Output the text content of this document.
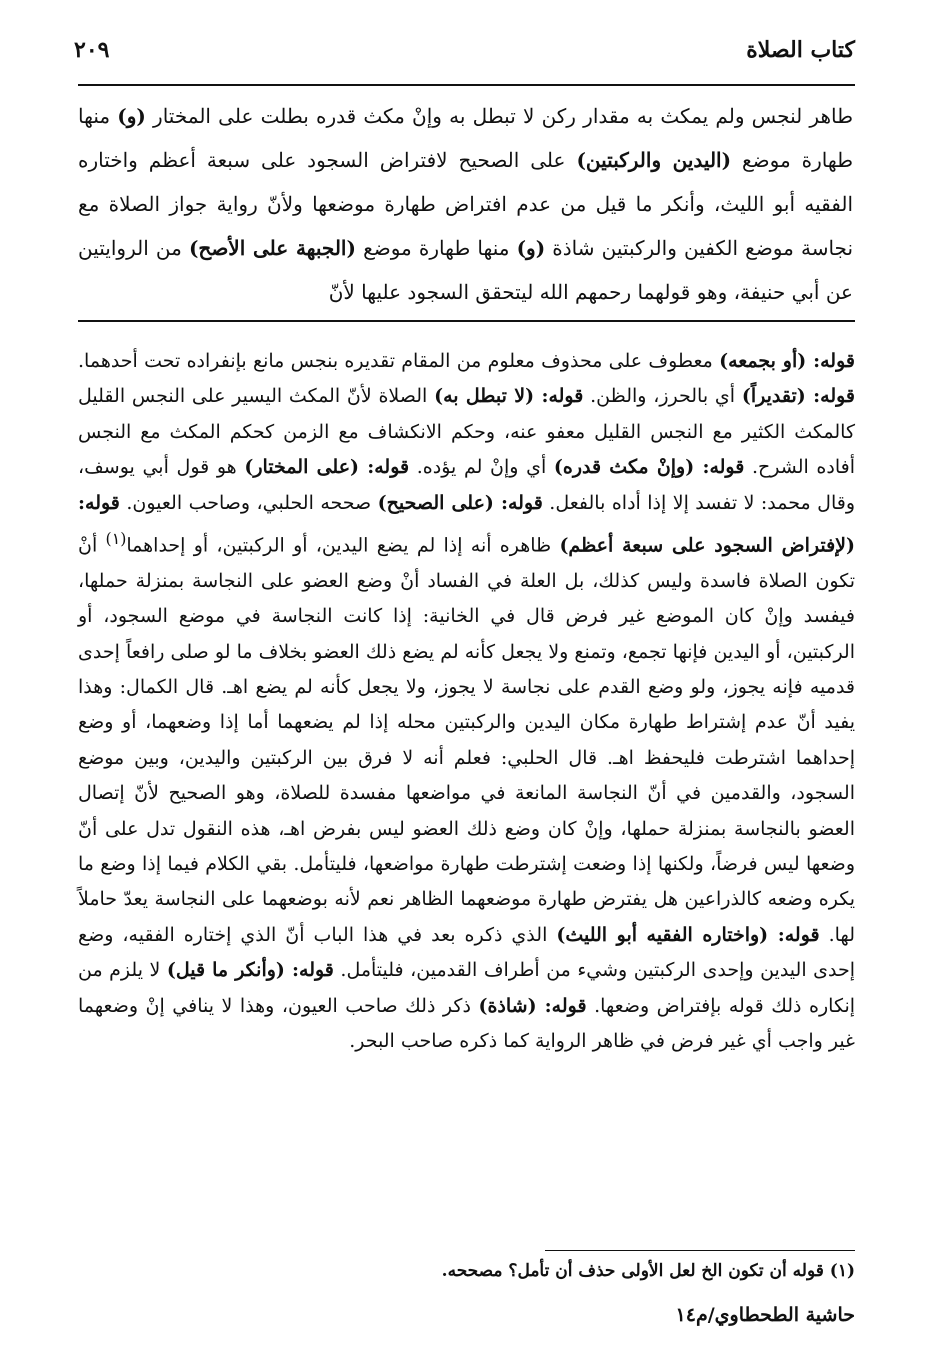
كتاب الصلاة
٢٠٩
طاهر لنجس ولم يمكث به مقدار ركن لا تبطل به وإنْ مكث قدره بطلت على المختار (و) منها طهارة موضع (اليدين والركبتين) على الصحيح لافتراض السجود على سبعة أعظم واختاره الفقيه أبو الليث، وأنكر ما قيل من عدم افتراض طهارة موضعها ولأنّ رواية جواز الصلاة مع نجاسة موضع الكفين والركبتين شاذة (و) منها طهارة موضع (الجبهة على الأصح) من الروايتين عن أبي حنيفة، وهو قولهما رحمهم الله ليتحقق السجود عليها لأنّ

قوله: (أو بجمعه) معطوف على محذوف معلوم من المقام تقديره بنجس مانع بإنفراده تحت أحدهما. قوله: (تقديراً) أي بالحرز، والظن. قوله: (لا تبطل به) الصلاة لأنّ المكث اليسير على النجس القليل كالمكث الكثير مع النجس القليل معفو عنه، وحكم الانكشاف مع الزمن كحكم المكث مع النجس أفاده الشرح. قوله: (وإنْ مكث قدره) أي وإنْ لم يؤده. قوله: (على المختار) هو قول أبي يوسف، وقال محمد: لا تفسد إلا إذا أداه بالفعل. قوله: (على الصحيح) صححه الحلبي، وصاحب العيون. قوله: (لإفتراض السجود على سبعة أعظم) ظاهره أنه إذا لم يضع اليدين، أو الركبتين، أو إحداهما$^{(١)}$ أنْ تكون الصلاة فاسدة وليس كذلك، بل العلة في الفساد أنْ وضع العضو على النجاسة بمنزلة حملها، فيفسد وإنْ كان الموضع غير فرض قال في الخانية: إذا كانت النجاسة في موضع السجود، أو الركبتين، أو اليدين فإنها تجمع، وتمنع ولا يجعل كأنه لم يضع ذلك العضو بخلاف ما لو صلى رافعاً إحدى قدميه فإنه يجوز، ولو وضع القدم على نجاسة لا يجوز، ولا يجعل كأنه لم يضع اهـ. قال الكمال: وهذا يفيد أنّ عدم إشتراط طهارة مكان اليدين والركبتين محله إذا لم يضعهما أما إذا وضعهما، أو وضع إحداهما اشترطت فليحفظ اهـ. قال الحلبي: فعلم أنه لا فرق بين الركبتين واليدين، وبين موضع السجود، والقدمين في أنّ النجاسة المانعة في مواضعها مفسدة للصلاة، وهو الصحيح لأنّ إتصال العضو بالنجاسة بمنزلة حملها، وإنْ كان وضع ذلك العضو ليس بفرض اهـ، هذه النقول تدل على أنّ وضعها ليس فرضاً، ولكنها إذا وضعت إشترطت طهارة مواضعها، فليتأمل. بقي الكلام فيما إذا وضع ما يكره وضعه كالذراعين هل يفترض طهارة موضعهما الظاهر نعم لأنه بوضعهما على النجاسة يعدّ حاملاً لها. قوله: (واختاره الفقيه أبو الليث) الذي ذكره بعد في هذا الباب أنّ الذي إختاره الفقيه، وضع إحدى اليدين وإحدى الركبتين وشيء من أطراف القدمين، فليتأمل. قوله: (وأنكر ما قيل) لا يلزم من إنكاره ذلك قوله بإفتراض وضعها. قوله: (شاذة) ذكر ذلك صاحب العيون، وهذا لا ينافي إنْ وضعهما غير واجب أي غير فرض في ظاهر الرواية كما ذكره صاحب البحر.

(١) قوله أن تكون الخ لعل الأولى حذف أن تأمل؟ مصححه.
حاشية الطحطاوي/م١٤
